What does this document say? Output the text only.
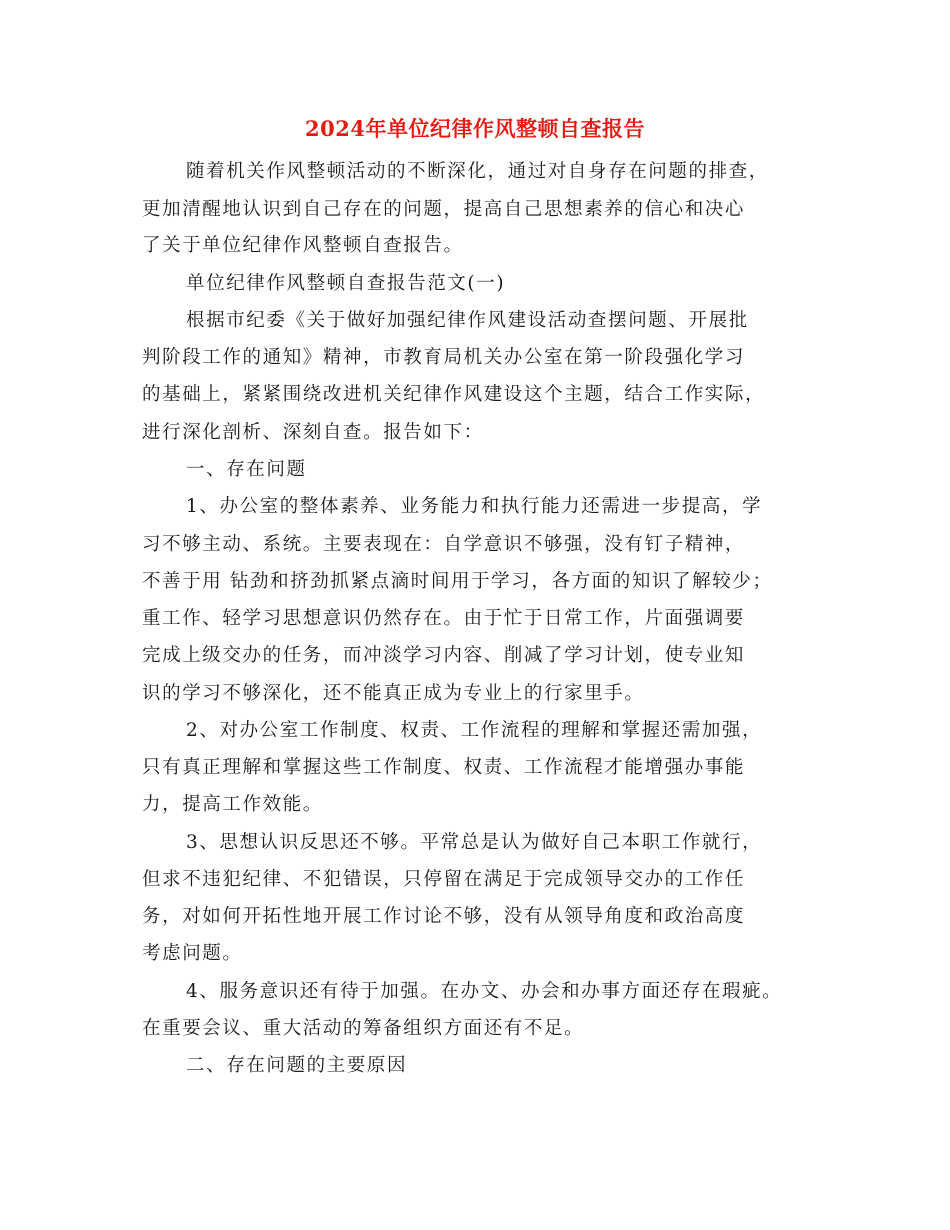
2024年单位纪律作风整顿自查报告
随着机关作风整顿活动的不断深化，通过对自身存在问题的排查，
更加清醒地认识到自己存在的问题，提高自己思想素养的信心和决心
了关于单位纪律作风整顿自查报告。
单位纪律作风整顿自查报告范文(一)
根据市纪委《关于做好加强纪律作风建设活动查摆问题、开展批
判阶段工作的通知》精神，市教育局机关办公室在第一阶段强化学习
的基础上，紧紧围绕改进机关纪律作风建设这个主题，结合工作实际，
进行深化剖析、深刻自查。报告如下：
一、存在问题
1、办公室的整体素养、业务能力和执行能力还需进一步提高，学
习不够主动、系统。主要表现在：自学意识不够强，没有钉子精神，
不善于用 钻劲和挤劲抓紧点滴时间用于学习，各方面的知识了解较少；
重工作、轻学习思想意识仍然存在。由于忙于日常工作，片面强调要
完成上级交办的任务，而冲淡学习内容、削减了学习计划，使专业知
识的学习不够深化，还不能真正成为专业上的行家里手。
2、对办公室工作制度、权责、工作流程的理解和掌握还需加强，
只有真正理解和掌握这些工作制度、权责、工作流程才能增强办事能
力，提高工作效能。
3、思想认识反思还不够。平常总是认为做好自己本职工作就行，
但求不违犯纪律、不犯错误，只停留在满足于完成领导交办的工作任
务，对如何开拓性地开展工作讨论不够，没有从领导角度和政治高度
考虑问题。
4、服务意识还有待于加强。在办文、办会和办事方面还存在瑕疵。
在重要会议、重大活动的筹备组织方面还有不足。
二、存在问题的主要原因
